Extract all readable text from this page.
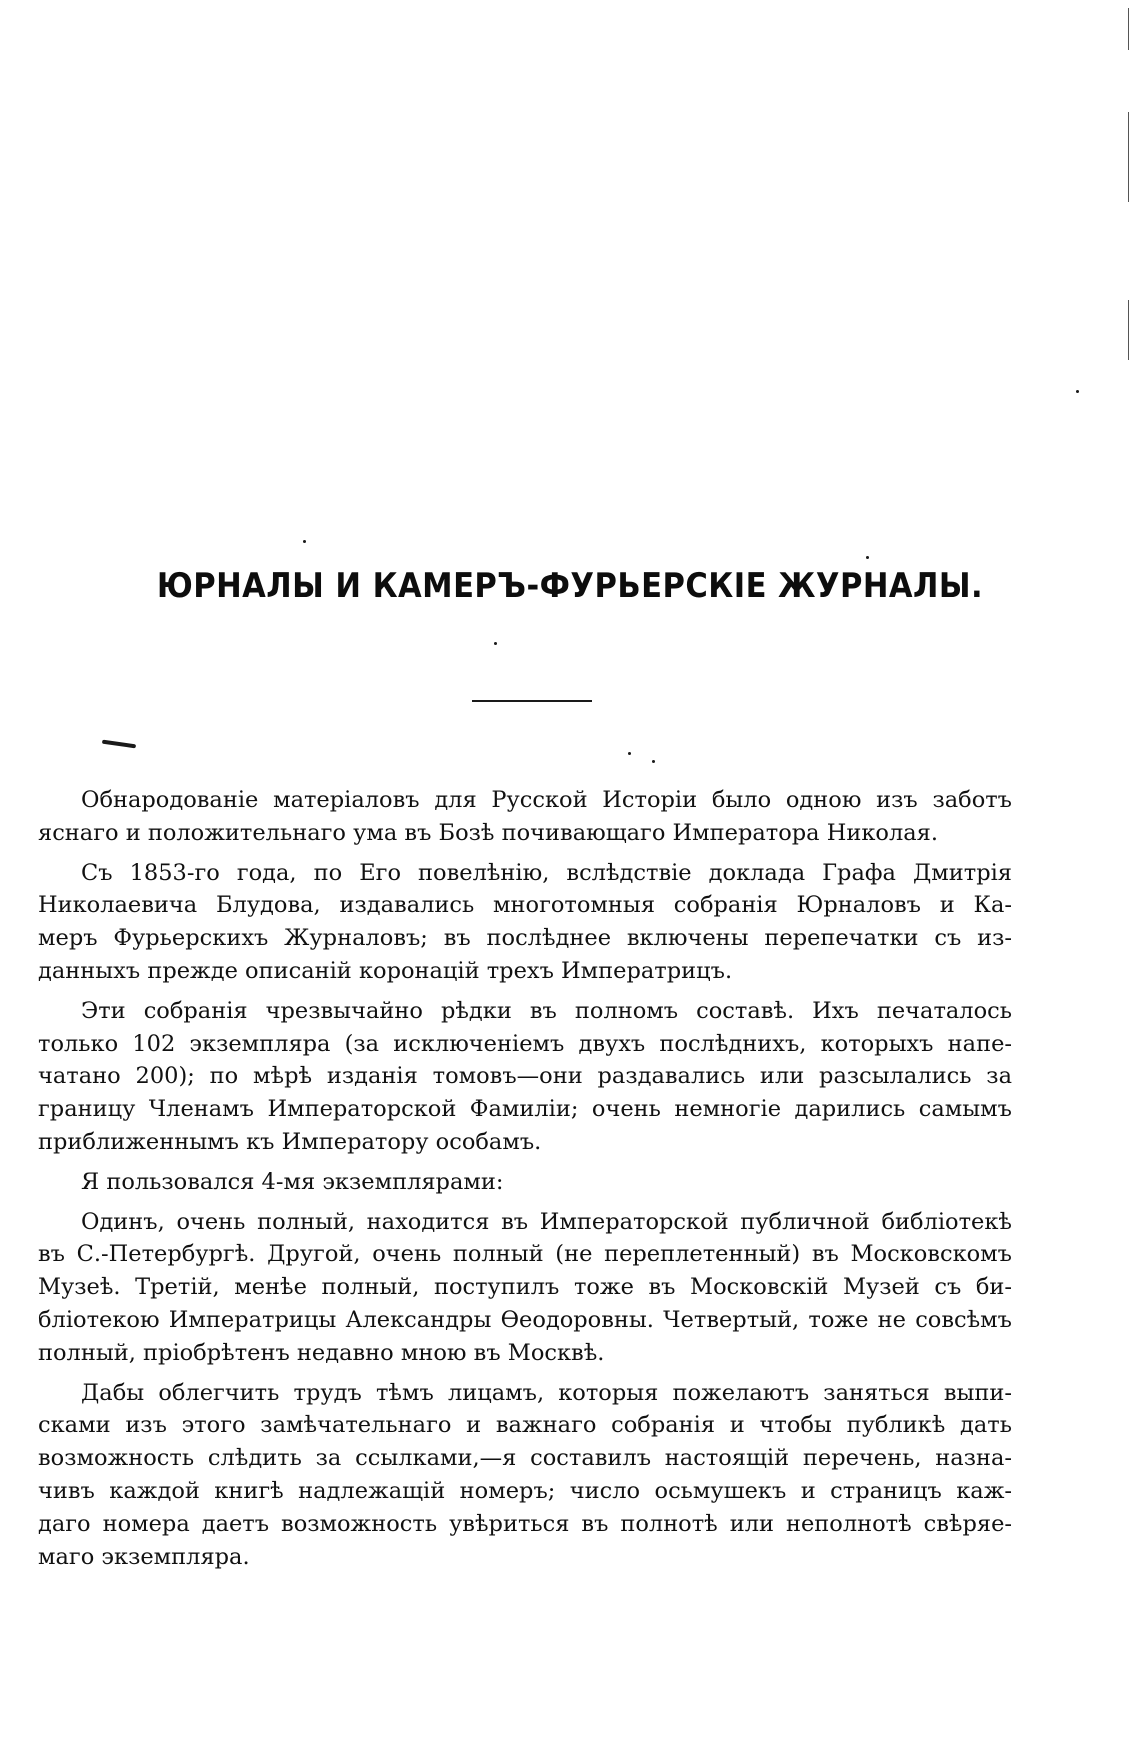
ЮРНАЛЫ И КАМЕРЪ-ФУРЬЕРСКІЕ ЖУРНАЛЫ.

Обнародованіе матеріаловъ для Русской Исторіи было одною изъ заботъ
яснаго и положительнаго ума въ Бозѣ почивающаго Императора Николая.

Съ 1853-го года, по Его повелѣнію, вслѣдствіе доклада Графа Дмитрія
Николаевича Блудова, издавались многотомныя собранія Юрналовъ и Ка-
меръ Фурьерскихъ Журналовъ; въ послѣднее включены перепечатки съ из-
данныхъ прежде описаній коронацій трехъ Императрицъ.

Эти собранія чрезвычайно рѣдки въ полномъ составѣ. Ихъ печаталось
только 102 экземпляра (за исключеніемъ двухъ послѣднихъ, которыхъ напе-
чатано 200); по мѣрѣ изданія томовъ—они раздавались или разсылались за
границу Членамъ Императорской Фамиліи; очень немногіе дарились самымъ
приближеннымъ къ Императору особамъ.

Я пользовался 4-мя экземплярами:

Одинъ, очень полный, находится въ Императорской публичной библіотекѣ
въ С.-Петербургѣ. Другой, очень полный (не переплетенный) въ Московскомъ
Музеѣ. Третій, менѣе полный, поступилъ тоже въ Московскій Музей съ би-
бліотекою Императрицы Александры Ѳеодоровны. Четвертый, тоже не совсѣмъ
полный, пріобрѣтенъ недавно мною въ Москвѣ.

Дабы облегчить трудъ тѣмъ лицамъ, которыя пожелаютъ заняться выпи-
сками изъ этого замѣчательнаго и важнаго собранія и чтобы публикѣ дать
возможность слѣдить за ссылками,—я составилъ настоящій перечень, назна-
чивъ каждой книгѣ надлежащій номеръ; число осьмушекъ и страницъ каж-
даго номера даетъ возможность увѣриться въ полнотѣ или неполнотѣ свѣряе-
маго экземпляра.
